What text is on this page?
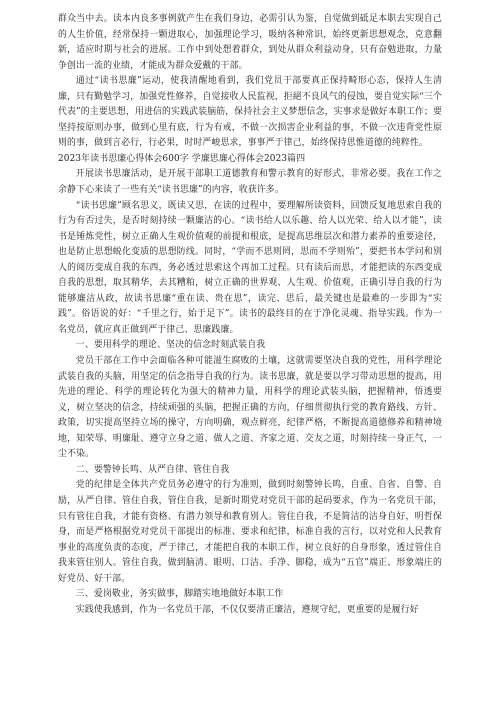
群众当中去。读本内良多事例就产生在我们身边，必需引认为鉴，自觉做到砥足本职去实现自己的人生价值，经常保持一颗进取心，加强理论学习，吸纳各种常识，始终更新思想观念，克意翻新，适应时期与社会的进展。工作中到处想着群众，到处从群众利益动身，只有奋勉进取，力量争创出一流的业绩，才能成为群众爱戴的干部。

通过“读书思廉”运动，使我清醒地看到，我们党员干部要真正保持畸形心态，保持人生清廉，只有勤勉学习，加强党性修养，自觉接收人民监视，拒絕不良风气的侵蚀，要自觉实际“三个代表”的主要思想，用进信的实践武装脑筋，保持社会主义梦想信念，实事求是做好本职工作；要坚持按原则办事，做到心里有底，行为有戒，不做一次损害企业利益的事，不做一次违背党性原则的事，做到言必行，行必果，时时严峻思求，事事严于律己，始终保持思惟道德的纯粹性。

2023年读书思廉心得体会600字 学廉思廉心得体会2023篇四

开展读书思廉活动，是开展干部职工道德教育和警示教育的好形式，非常必要。我在工作之余静下心来读了一些有关“读书思廉”的内容，收获许多。

“读书思廉”顾名思义，既读又思，在读的过程中，要理解所读资料，回馈反复地思索自我的行为有否过失，是否时刻持续一颗廉洁的心。“读书给人以乐趣、给人以光荣、给人以才能”，读书是锤炼党性，树立正确人生观价值观的前提和根底，是提高思维层次和潜力素养的重要途径，也是防止思想蜕化变质的思想防线。同时，“学而不思则罔，思而不学则殆”，要把书本学问和别人的阅历变成自我的东西，务必透过思索这个再加工过程。只有读后而思，才能把读的东西变成自我的思想，取其精华，去其糟粕，树立正确的世界观、人生观、价值观，正确引导自我的行为能够廉洁从政，故读书思廉“重在读、贵在思”，读完、思后，最关键也是最难的一步即为“实践”。俗语说的好：“千里之行，始于足下”。读书的最终目的在于净化灵魂、指导实践。作为一名党员，就应真正做到严于律己、思廉践廉。

一、要用科学的理论、坚决的信念时刻武装自我

党员干部在工作中会面临各种可能滋生腐败的土壤，这就需要坚决自我的党性，用科学理论武装自我的头脑，用坚定的信念指导自我的行为。读书思廉，就是要以学习带动思想的提高，用先进的理论、科学的理论转化为强大的精神力量，用科学的理论武装头脑，把握精神，悟透要义，树立坚决的信念，持续顽强的头脑，把握正确的方向，仔细贯彻执行党的教育路线、方针、政策，切实提高坚持立场的操守，方向明确，观点鲜亮，纪律严格，不断提高道德修养和精神境地，知荣辱、明廉耻、遵守立身之道、做人之道、齐家之道、交友之道，时刻持续一身正气，一尘不染。

二、要警钟长鸣、从严自律、管住自我

党的纪律是全体共产党员务必遵守的行为准则，做到时刻警钟长鸣，自重、自省、自警、自励，从严自律、管住自我，管住自我，是新时期党对党员干部的起码要求，作为一名党员干部，只有管住自我，才能有资格、有潜力领导和教育别人。管住自我，不是简洁的洁身自好，明哲保身，而是严格根据党对党员干部提出的标准、要求和纪律，标准自我的言行，以对党和人民教育事业的高度负责的态度，严于律己，才能把自我的本职工作，树立良好的自身形象，透过管住自我来管住别人。管住自我，做到脑清、眼明、口洁、手净、脚稳，成为“五官”端正、形象端庄的好党员、好干部。

三、爱岗敬业，务实做事，脚踏实地地做好本职工作

实践使我感到，作为一名党员干部，不仅仅要清正廉洁，遵规守纪，更重要的是履行好
